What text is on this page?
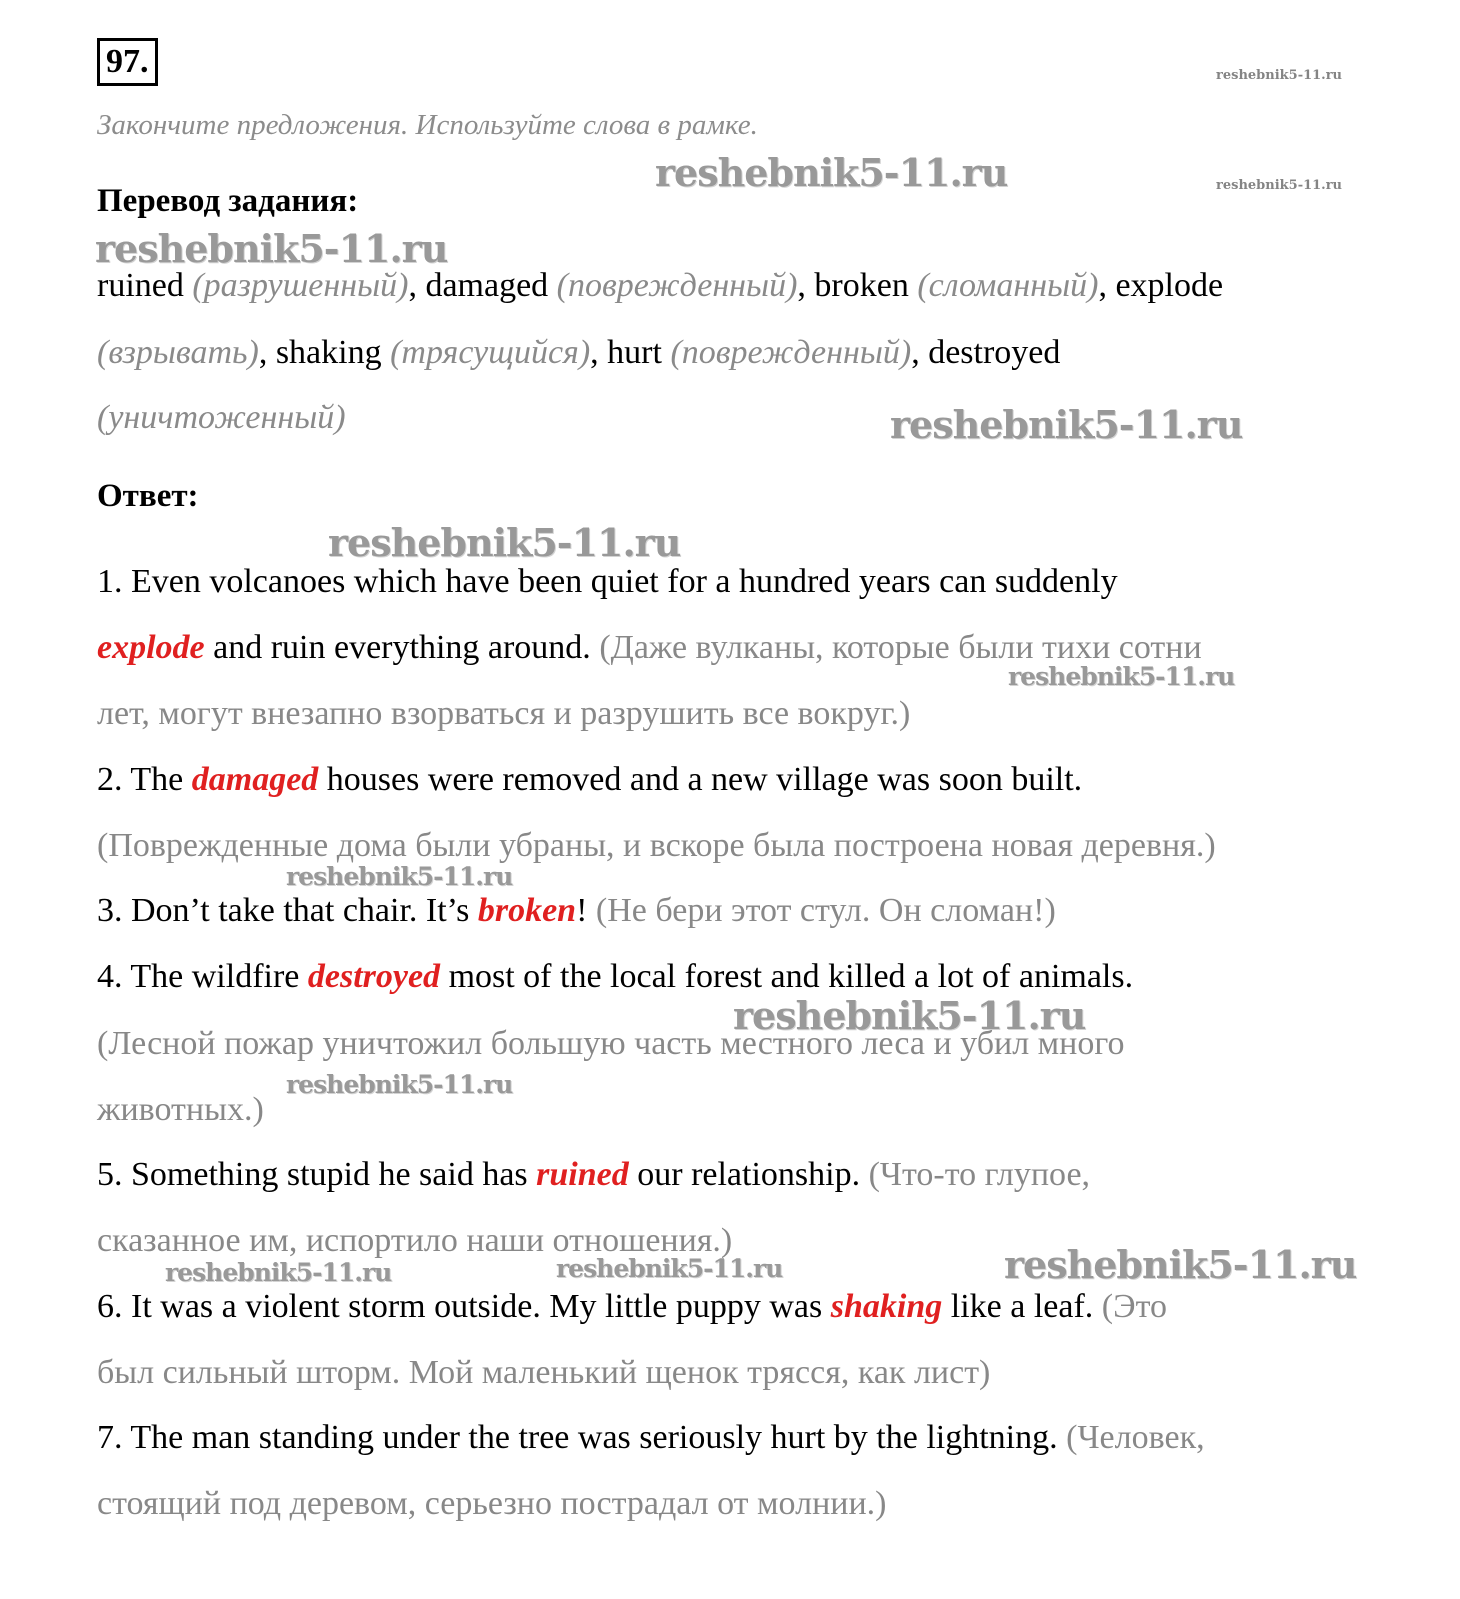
97.
Закончите предложения. Используйте слова в рамке.
Перевод задания:
ruined (разрушенный), damaged (поврежденный), broken (сломанный), explode
(взрывать), shaking (трясущийся), hurt (поврежденный), destroyed
(уничтоженный)
Ответ:
1. Even volcanoes which have been quiet for a hundred years can suddenly
explode and ruin everything around. (Даже вулканы, которые были тихи сотни
лет, могут внезапно взорваться и разрушить все вокруг.)
2. The damaged houses were removed and a new village was soon built.
(Поврежденные дома были убраны, и вскоре была построена новая деревня.)
3. Don’t take that chair. It’s broken! (Не бери этот стул. Он сломан!)
4. The wildfire destroyed most of the local forest and killed a lot of animals.
(Лесной пожар уничтожил большую часть местного леса и убил много
животных.)
5. Something stupid he said has ruined our relationship. (Что-то глупое,
сказанное им, испортило наши отношения.)
6. It was a violent storm outside. My little puppy was shaking like a leaf. (Это
был сильный шторм. Мой маленький щенок трясся, как лист)
7. The man standing under the tree was seriously hurt by the lightning. (Человек,
стоящий под деревом, серьезно пострадал от молнии.)
reshebnik5-11.ru
reshebnik5-11.ru	reshebnik5-11.ru
reshebnik5-11.ru
reshebnik5-11.ru
reshebnik5-11.ru
reshebnik5-11.ru
reshebnik5-11.ru
reshebnik5-11.ru
reshebnik5-11.ru
reshebnik5-11.ru
reshebnik5-11.ru	reshebnik5-11.ru
